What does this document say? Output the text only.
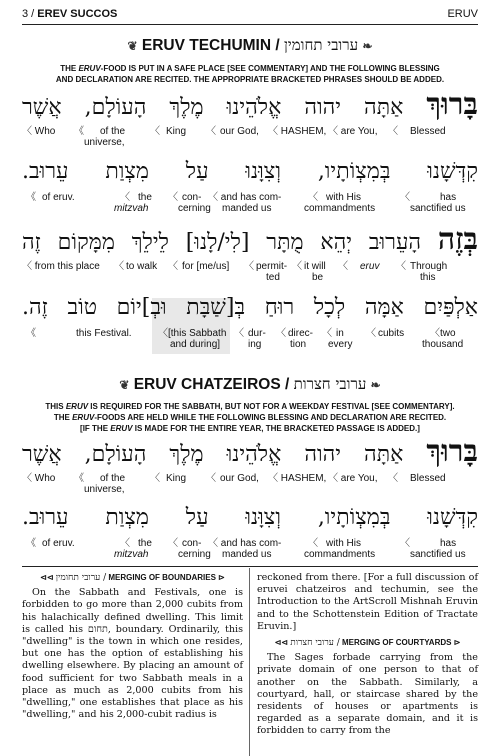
3 / EREV SUCCOS	ERUV
❦ ERUV TECHUMIN / ערובי תחומין ❧
THE ERUV-FOOD IS PUT IN A SAFE PLACE [SEE COMMENTARY] AND THE FOLLOWING BLESSING
AND DECLARATION ARE RECITED. THE APPROPRIATE BRACKETED PHRASES SHOULD BE ADDED.
בָּרוּךְ אַתָּה יהוה אֱלֹהֵינוּ מֶלֶךְ הָעוֹלָם, אֲשֶׁר
〈 Who 《 of the 〈 King 〈 our God, 〈 HASHEM, 〈 are You, 〈 Blessed
universe,
קִדְּשָׁנוּ בְּמִצְוֹתָיו, וְצִוָּנוּ עַל מִצְוַת עֵרוּב.
《 of eruv.	〈 the 〈 con- 〈 and has com-	〈 with His	〈	has
mitzvah	cerning manded us	commandments	sanctified us
בְּזֶה הָעֵרוּב יְהֵא מֻתָּר [לִי/לָנוּ] לֵילֵךְ מִמָּקוֹם זֶה
〈 from this place 〈 to walk 〈 for [me/us] 〈 permit- 〈 it will 〈 eruv 〈 Through
ted	be	this
אַלְפַּיִם אַמָּה לְכָל רוּחַ בְּ[שַׁבָּת וּבְ]יוֹם טוֹב זֶה.
《	this Festival.	〈 [this Sabbath
and during]
〈 dur-
ing
〈 direc-
tion
〈 in
every
〈 cubits	〈 two
thousand
❦ ERUV CHATZEIROS / ערובי חצרות ❧
THIS ERUV IS REQUIRED FOR THE SABBATH, BUT NOT FOR A WEEKDAY FESTIVAL [SEE COMMENTARY].
THE ERUV-FOODS ARE HELD WHILE THE FOLLOWING BLESSING AND DECLARATION ARE RECITED.
[IF THE ERUV IS MADE FOR THE ENTIRE YEAR, THE BRACKETED PASSAGE IS ADDED.]
בָּרוּךְ אַתָּה יהוה אֱלֹהֵינוּ מֶלֶךְ הָעוֹלָם, אֲשֶׁר
〈 Who 《 of the 〈 King 〈 our God, 〈 HASHEM, 〈 are You, 〈 Blessed
universe,
קִדְּשָׁנוּ בְּמִצְוֹתָיו, וְצִוָּנוּ עַל מִצְוַת עֵרוּב.
《 of eruv.	〈 the 〈 con- 〈 and has com-	〈 with His	〈	has
mitzvah	cerning manded us	commandments	sanctified us
⊲⊲ ערובי תחומין / MERGING OF BOUNDARIES ⊳

On the Sabbath and Festivals, one is forbidden to go more than 2,000 cubits from his halachically defined dwelling. This limit is called his תחום, boundary. Ordinarily, this "dwelling" is the town in which one resides, but one has the option of establishing his dwelling elsewhere. By placing an amount of food sufficient for two Sabbath meals in a place as much as 2,000 cubits from his "dwelling," one establishes that place as his "dwelling," and his 2,000-cubit radius is

reckoned from there. [For a full discussion of eruvei chatzeiros and techumin, see the Introduction to the ArtScroll Mishnah Eruvin and to the Schottenstein Edition of Tractate Eruvin.]

⊲⊲ ערובי חצרות / MERGING OF COURTYARDS ⊳

The Sages forbade carrying from the private domain of one person to that of another on the Sabbath. Similarly, a courtyard, hall, or staircase shared by the residents of houses or apartments is regarded as a separate domain, and it is forbidden to carry from the
